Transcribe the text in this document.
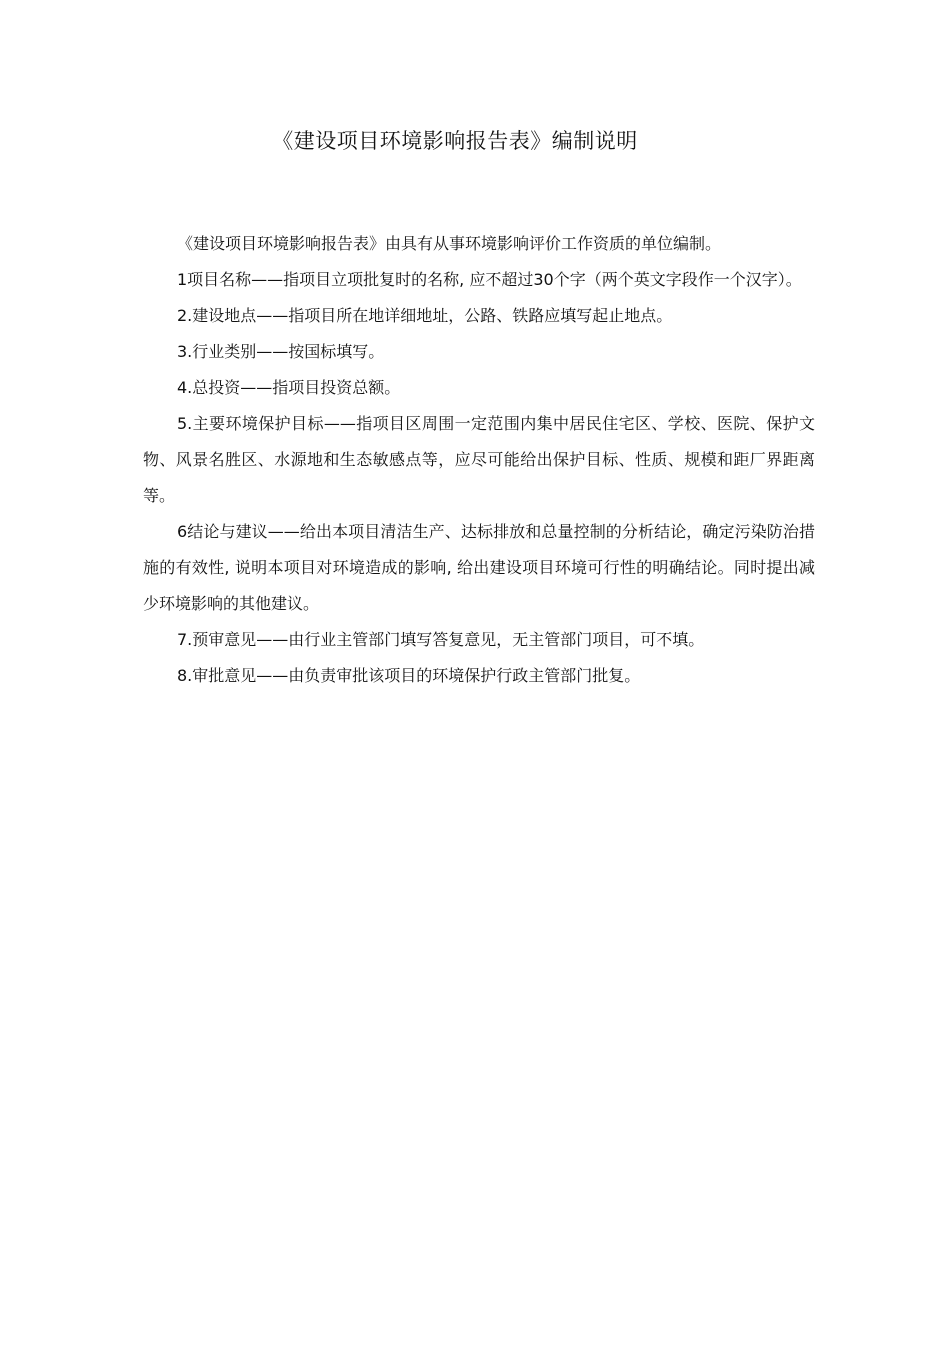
《建设项目环境影响报告表》编制说明

《建设项目环境影响报告表》由具有从事环境影响评价工作资质的单位编制。

1项目名称——指项目立项批复时的名称, 应不超过30个字（两个英文字段作一个汉字）。

2.建设地点——指项目所在地详细地址，公路、铁路应填写起止地点。

3.行业类别——按国标填写。

4.总投资——指项目投资总额。

5.主要环境保护目标——指项目区周围一定范围内集中居民住宅区、学校、医院、保护文物、风景名胜区、水源地和生态敏感点等，应尽可能给出保护目标、性质、规模和距厂界距离等。

6结论与建议——给出本项目清洁生产、达标排放和总量控制的分析结论，确定污染防治措施的有效性, 说明本项目对环境造成的影响, 给出建设项目环境可行性的明确结论。同时提出减少环境影响的其他建议。

7.预审意见——由行业主管部门填写答复意见，无主管部门项目，可不填。

8.审批意见——由负责审批该项目的环境保护行政主管部门批复。
